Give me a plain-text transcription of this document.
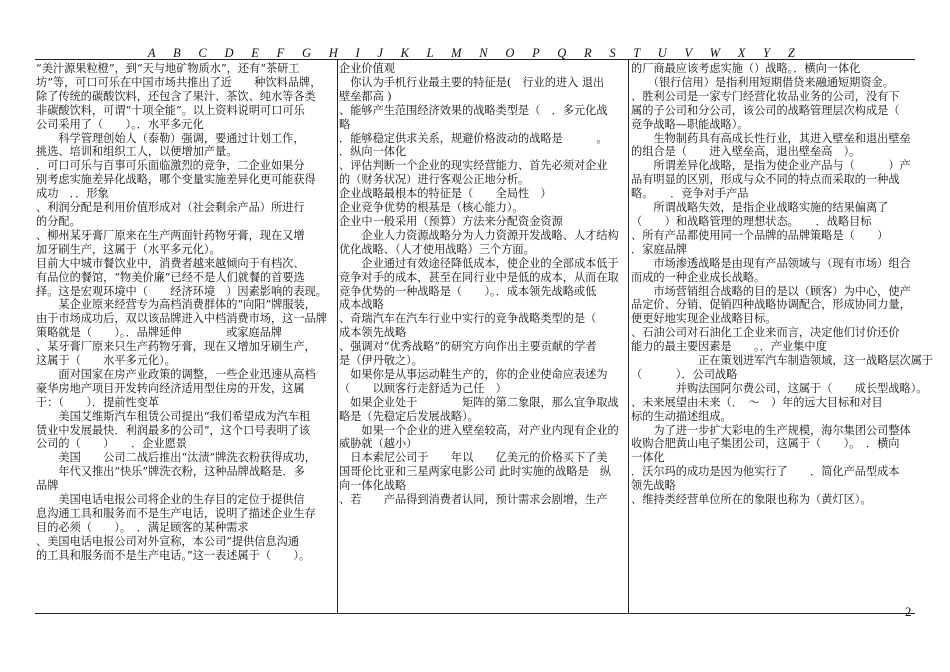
A B C D E F G H I J K L M N O P Q R S T U V W X Y Z

“美汁源果粒橙”，到“天与地矿物质水”，还有“茶研工

坊”等，可口可乐在中国市场共推出了近　　种饮料品牌，

除了传统的碳酸饮料，还包含了果汁、茶饮、纯水等各类

非碳酸饮料，可谓“十项全能”。以上资料说明可口可乐

公司采用了（　　）。．水平多元化

　　科学管理创始人（泰勒）强调，要通过计划工作，

挑选、培训和组织工人，以便增加产量。

．可口可乐与百事可乐面临激烈的竞争，二企业如果分

别考虑实施差异化战略，哪个变量实施差异化更可能获得

成功　．．形象

、利润分配是利用价值形成对（社会剩余产品）所进行

的分配。

、柳州某牙膏厂原来在生产两面针药物牙膏，现在又增

加牙刷生产，这属于（水平多元化）。

目前大中城市餐饮业中，消费者越来越倾向于有档次、

有品位的餐馆，“物美价廉”已经不是人们就餐的首要选

择。这是宏观环境中（　　经济环境　）因素影响的表现。

　　某企业原来经营专为高档消费群体的“向阳”牌服装，

由于市场成功后，双以该品牌进入中档消费市场，这一品牌

策略就是（　　）。．品牌延伸　　　　或家庭品牌

、某牙膏厂原来只生产药物牙膏，现在又增加牙刷生产，

这属于（　　水平多元化）。

　　面对国家在房产业政策的调整，一些企业迅速从高档

豪华房地产项目开发转向经济适用型住房的开发，这属

于：（　　）．提前性变革

　　美国艾维斯汽车租赁公司提出“我们希望成为汽车租

赁业中发展最快．利润最多的公司”，这个口号表明了该

公司的（　　）　　．企业愿景

　　美国　　公司二战后推出“汰渍”牌洗衣粉获得成功，

　　年代又推出“快乐”牌洗衣粉，这种品牌战略是．多

品牌

　　美国电话电报公司将企业的生存目的定位于提供信

息沟通工具和服务而不是生产电话，说明了描述企业生存

目的必须（　　）。　．满足顾客的某种需求

、美国电话电报公司对外宣称，本公司“提供信息沟通

的工具和服务而不是生产电话。”这一表述属于（　　）。

企业价值观

　你认为手机行业最主要的特征是(　行业的进入 退出

壁垒都高 )

、能够产生范围经济效果的战略类型是（　．多元化战

略

．能够稳定供求关系，规避价格波动的战略是　　　。

．纵向一体化

、评估判断一个企业的现实经营能力、首先必须对企业

的（财务状况）进行客观公正地分析。

企业战略最根本的特征是（　　全局性　）

企业竞争优势的根基是（核心能力）。

企业中一般采用（预算）方法来分配资金资源

　　企业人力资源战略分为人力资源开发战略、人才结构

优化战略、（人才使用战略）三个方面。

　　企业通过有效途径降低成本，使企业的全部成本低于

竞争对手的成本，甚至在同行业中是低的成本，从而在取

竞争优势的一种战略是（　　）。．成本领先战略或低

成本战略

、奇瑞汽车在汽车行业中实行的竞争战略类型的是（

成本领先战略

、强调对“优秀战略”的研究方向作出主要贡献的学者

是（伊丹敬之）。

　如果你是从事运动鞋生产的，你的企业使命应表述为

（　　以顾客行走舒适为己任　）

　如果企业处于　　　　矩阵的第二象限，那么宜争取战

略是（先稳定后发展战略）。

　　如果一个企业的进入壁垒较高，对产业内现有企业的

威胁就（越小）

　日本索尼公司于　　年以　　亿美元的价格买下了美

国哥伦比亚和三星两家电影公司 此时实施的战略是　纵

向一体化战略

、若　　产品得到消费者认同，预计需求会剧增，生产

的厂商最应该考虑实施（）战略。．横向一体化

　　（银行信用）是指利用短期借贷来融通短期资金。

、胜利公司是一家专门经营化妆品业务的公司，没有下

属的子公司和分公司，该公司的战略管理层次构成是（

竞争战略—职能战略）。

　　生物制药具有高成长性行业，其进入壁垒和退出壁垒

的组合是（　　进入壁垒高，退出壁垒高　）。

　　所谓差异化战略，是指为使企业产品与（　　　）产

品有明显的区别，形成与众不同的特点而采取的一种战

略。　　．竞争对手产品

　　所谓战略失效，是指企业战略实施的结果偏离了

（　　）和战略管理的理想状态。　　．战略目标

、所有产品都使用同一个品牌的品牌策略是（　　）

．家庭品牌

　　市场渗透战略是由现有产品领域与（现有市场）组合

而成的一种企业成长战略。

　　市场营销组合战略的目的是以（顾客）为中心，使产

品定价、分销、促销四种战略协调配合，形成协同力量，

便更好地实现企业战略目标。

、石油公司对石油化工企业来而言，决定他们讨价还价

能力的最主要因素是　　。．产业集中度

　　　　　　正在策划进军汽车制造领域，这一战略层次属于

（　　　）．公司战略

　　　　并购法国阿尔费公司，这属于（　　成长型战略）。

、未来展望由未来（．　～　）年的远大目标和对目

标的生动描述组成。

　　为了进一步扩大彩电的生产规模，海尔集团公司整体

收购合肥黄山电子集团公司，这属于（　　）。　．横向

一体化

．沃尔玛的成功是因为他实行了　　．简化产品型成本

领先战略

、维持类经营单位所在的象限也称为（黄灯区）。

2
